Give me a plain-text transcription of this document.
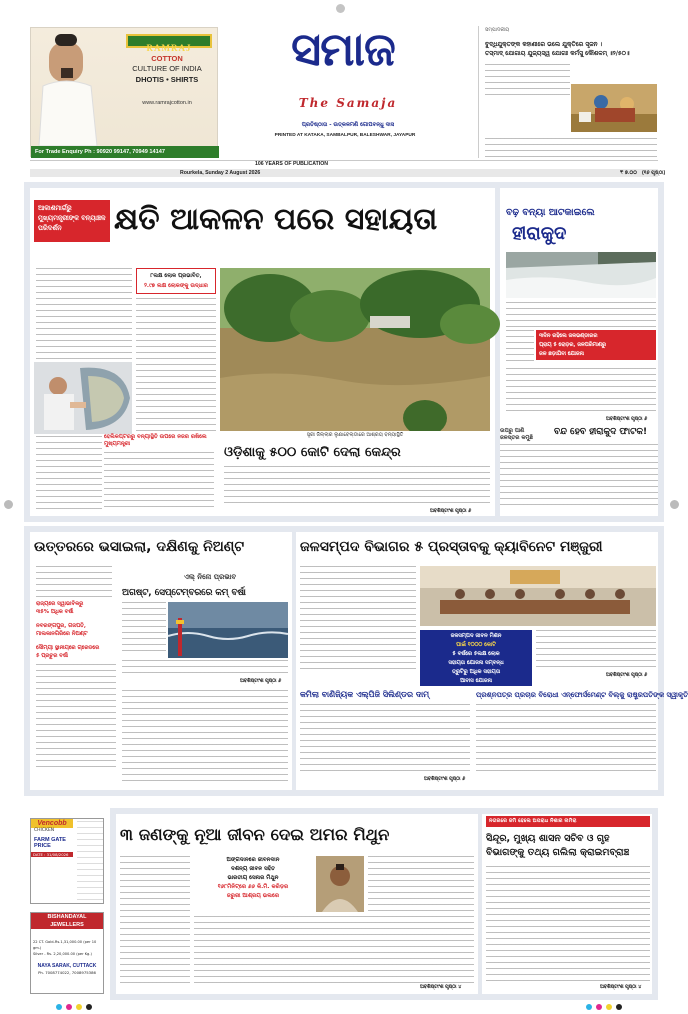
RAMRAJ
COTTON
CULTURE OF INDIA
DHOTIS • SHIRTS
www.ramrajcotton.in
For Trade Enquiry Ph : 90920 99147, 70949 14147
ସମାଜ
The Samaja
ପ୍ରତିଷ୍ଠାତା - ଉତ୍କଳମଣି ଗୋପବନ୍ଧୁ ଦାସ
PRINTED AT KATAKA, SAMBALPUR, BALESHWAR, JAYAPUR
ସମ୍ପାଦକୀୟ
ବୁଦ୍ଧିଯୁକ୍ତଙ୍କ କହାଣୀରେ ଭଲେ ଯୁକ୍ତିରେ ସୃଜନ ।
ତସ୍ମାଦ୍ ଯୋଗାୟ ଯୁଜ୍ୟସ୍ୱ ଯୋଗଃ କର୍ମସୁ କୌଶଳମ୍ ॥୨/୫୦॥
106 YEARS OF PUBLICATION
Rourkela, Sunday 2 August 2026	₹ ୭.୦୦ (୧୬ ପୃଷ୍ଠା)
ଆକାଶମାର୍ଗରୁ
ମୁଖ୍ୟମନ୍ତ୍ରୀଙ୍କ ବନ୍ୟାଞ୍ଚଳ
ପରିଦର୍ଶନ	କ୍ଷତି ଆକଳନ ପରେ ସହାୟତା
୮ଲକ୍ଷ ଲୋକ ପ୍ରଭାବିତ,
୨.୯୭ ଲକ୍ଷ ଲୋକଙ୍କୁ ଉଦ୍ଧାର
ସ୍ତ୍ରୀ ଜିଲ୍ଲାର ଲୁଣାବେଲ୍ଡାରେ ଆଶ୍ରୟ ବନ୍ୟାସ୍ଥିତି
ହେଲିକପ୍ଟରରୁ ବନ୍ୟାସ୍ଥିତି ଉପରେ ନଜର ରଖିଲେ ମୁଖ୍ୟମନ୍ତ୍ରୀ
ଓଡ଼ିଶାକୁ ୫୦୦ କୋଟି ଦେଲା କେନ୍ଦ୍ର
ଅବଶିଷ୍ଟାଂଶ ପୃଷ୍ଠା ୬
ବଢ଼ ବନ୍ୟା ଆଟକାଇଲେ
ହୀରାକୁଦ
୩ଦିନ ରହିଲେ ଜଳଭଣ୍ଡାରର
ପ୍ରାୟ ୫ ରୋଡ଼ର, ଜଳପରିମାଣରୁ
ଜଳ ଛଡ଼ାଯିବା ଯୋଜନା
ଅବଶିଷ୍ଟାଂଶ ପୃଷ୍ଠା ୬
ଉପରୁ ପାଣି
ଜଳସ୍ତର କମୁଛି
ବନ୍ଦ ହେବ ହୀରାକୁଦ ଫାଟକ!
ଉତ୍ତରରେ ଭସାଇଲା, ଦକ୍ଷିଣକୁ ନିଅଣ୍ଟ
ଏଲ୍ ନିନୋ ପ୍ରଭାବ
ଅଗଷ୍ଟ, ସେପ୍ଟେମ୍ବରରେ କମ୍ ବର୍ଷା
ରାଜ୍ୟରେ ସ୍ୱାଭାବିକରୁ
୩୫% ଅଧିକ ବର୍ଷା
ନବରଙ୍ଗପୁର, ଗଜପତି,
ମାଲକାନଗିରିରେ ନିଅଣ୍ଟ
ସୌମ୍ୟୀ ସ୍ଥାନୀୟରେ ଗ୍ରେଡରେ
୫ ପ୍ରଚୁର ବର୍ଷା
ଅବଶିଷ୍ଟାଂଶ ପୃଷ୍ଠା ୬
ଜଳସମ୍ପଦ ବିଭାଗର ୫ ପ୍ରସ୍ତାବକୁ କ୍ୟାବିନେଟ ମଞ୍ଜୁରୀ
ଜଳସମ୍ପଦ ଜୀବନ ମିଶନ
ପାଇଁ ୧୦୦୦ କୋଟି
୫ ବର୍ଷରେ ୫ଲକ୍ଷ ଲୋକ
ସହାୟତା ଯୋଜନା ସମ୍ବନ୍ଧ
ତ୍ରୁଟିରୁ ଅଧିକ ସହାୟତା
ଆବାସ ଯୋଜନା
ଅବଶିଷ୍ଟାଂଶ ପୃଷ୍ଠା ୬
କମିଲା ବାଣିଜ୍ୟିକ ଏଲ୍‌ପିଜି ସିଲିଣ୍ଡର ଦାମ୍
ଅବଶିଷ୍ଟାଂଶ ପୃଷ୍ଠା ୬
ପ୍ରଶ୍ନପତ୍ର ପ୍ରଚାର ବିରୋଧୀ ଏନ୍ଫୋର୍ସମେଣ୍ଟ ବିଲ୍‌କୁ ରାଷ୍ଟ୍ରପତିଙ୍କ ସ୍ୱୀକୃତି
Vencobb
CHICKEN
FARM GATE
PRICE
DATE : 31/08/2026
BISHANDAYAL
JEWELLERS
22 CT. Gold-Rs.1,31,000.00 (per 10 gm.)
Silver - Rs. 2,20,000.00 (per Kg.)
NAYA SARAK, CUTTACK
Ph. 7008774022, 7008975386
୩ ଜଣଙ୍କୁ ନୂଆ ଜୀବନ ଦେଇ ଅମର ମିଥୁନ
ଅଙ୍ଗଦାନରେ ଜୀବନଦାନ
ଦଶନ୍ୟ ଜୀବନ ସହିତ
ଭାରତୀୟ ସେନାର ମିଥୁନ
୧୬୮ମିନିଟ୍‌ରେ ୬୬ କି.ମି. କରିଡ଼ର
ଜରୁରୀ ଆଶ୍ରୟ ଭଲରେ
ଅବଶିଷ୍ଟାଂଶ ପୃଷ୍ଠା ୪
ନଗରରେ ଜମି ହେଲେ ଅପରାଧ ନିଶାର ନାମିରା
ସିନ୍ଦୂର, ମୁଖ୍ୟ ଶାସନ ସଚିବ ଓ ଗୃହ
ବିଭାଗଙ୍କୁ ତଥ୍ୟ ଗଲିଲା କ୍ରାଇମବ୍ରାଞ୍ଚ
ଅବଶିଷ୍ଟାଂଶ ପୃଷ୍ଠା ୪
